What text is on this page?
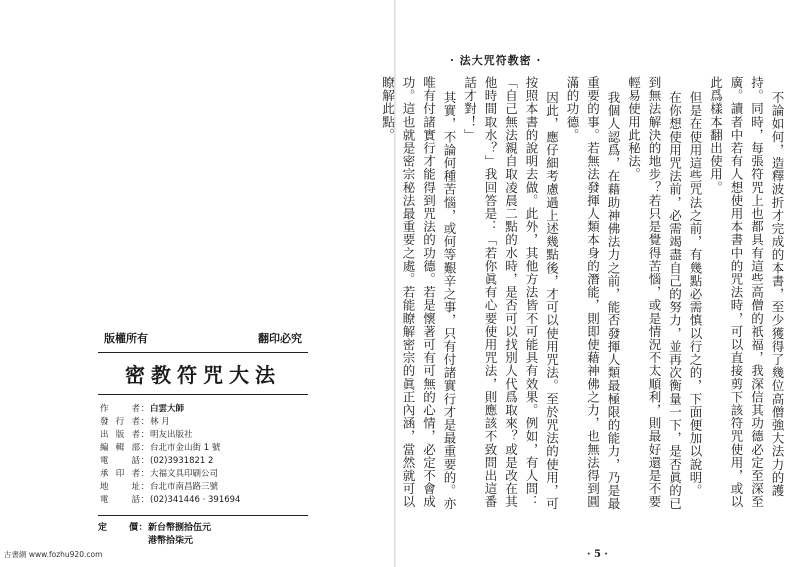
版權所有	翻印必究
密教符咒大法
作者 ： 白雲大師
發行者 ： 林 月
出版者 ： 明友出版社
編輯部 ： 台北市金山街 1 號
電話 ： (02)3931821 2
承印者 ： 大福文具印刷公司
地址 ： 台北市南昌路三號
電話 ： (02)341446 · 391694
定價 ： 新台幣捌拾伍元
港幣拾柒元
古書網 www.fozhu920.com
· 法大咒符教密 ·

不論如何，造釋波折才完成的本書，至少獲得了幾位高僧強大法力的護持。同時，每張符咒上也都具有這些高僧的祇福，我深信其功德必定至深至廣。讀者中若有人想使用本書中的咒法時，可以直接剪下該符咒使用，或以此爲樣本翻出使用。

但是在使用這些咒法之前，有幾點必需慎以行之的，下面便加以說明。

在你想使用咒法前，必需竭盡自己的努力，並再次衡量一下，是否眞的已到無法解決的地步？若只是覺得苦惱，或是情況不太順利，則最好還是不要輕易使用此秘法。

我個人認爲，在藉助神佛法力之前，能否發揮人類最極限的能力，乃是最重要的事。若無法發揮人類本身的潛能，則即使藉神佛之力，也無法得到圓滿的功德。

因此，應仔細考慮過上述幾點後，才可以使用咒法。至於咒法的使用，可按照本書的說明去做。此外，其他方法皆不可能具有效果。例如，有人問：「自己無法親自取凌晨二點的水時，是否可以找別人代爲取來？或是改在其他時間取水？」我回答是：「若你眞有心要使用咒法，則應該不致問出這番話才對！」

其實，不論何種苦惱，或何等艱辛之事，只有付諸實行才是最重要的。亦唯有付諸實行才能得到咒法的功德。若是懷著可有可無的心情，必定不會成功。這也就是密宗秘法最重要之處。若能瞭解密宗的眞正內涵，當然就可以瞭解此點。

· 5 ·
